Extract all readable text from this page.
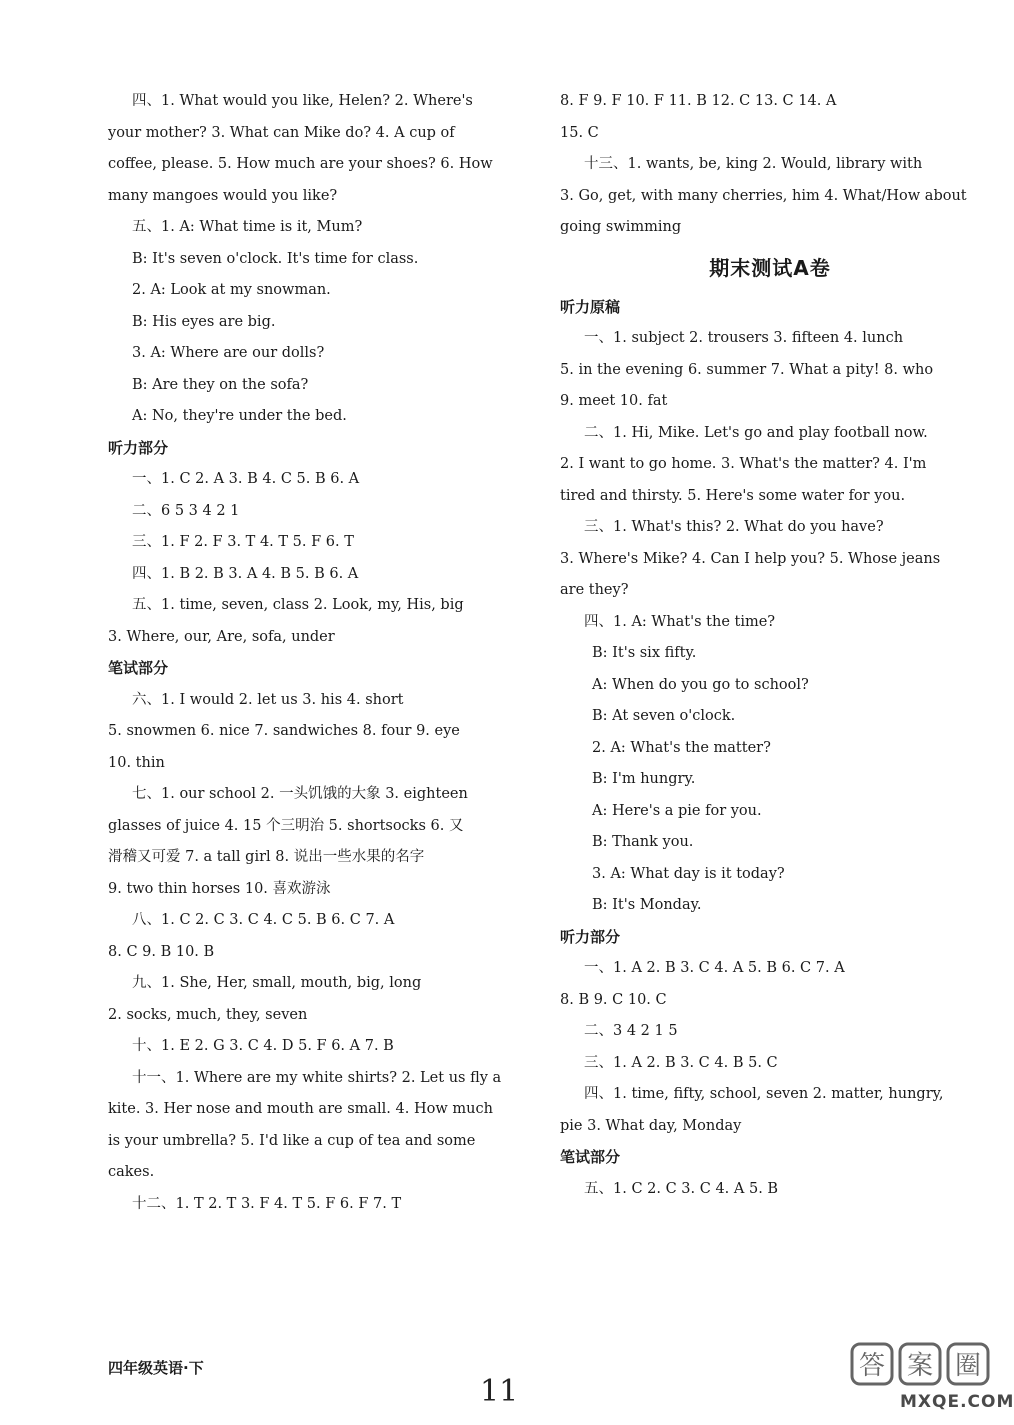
四、1. What would you like, Helen? 2. Where's
your mother? 3. What can Mike do? 4. A cup of
coffee, please. 5. How much are your shoes? 6. How
many mangoes would you like?
五、1. A: What time is it, Mum?
B: It's seven o'clock. It's time for class.
2. A: Look at my snowman.
B: His eyes are big.
3. A: Where are our dolls?
B: Are they on the sofa?
A: No, they're under the bed.
听力部分
一、1. C 2. A 3. B 4. C 5. B 6. A
二、6 5 3 4 2 1
三、1. F 2. F 3. T 4. T 5. F 6. T
四、1. B 2. B 3. A 4. B 5. B 6. A
五、1. time, seven, class 2. Look, my, His, big
3. Where, our, Are, sofa, under
笔试部分
六、1. I would 2. let us 3. his 4. short
5. snowmen 6. nice 7. sandwiches 8. four 9. eye
10. thin
七、1. our school 2. 一头饥饿的大象 3. eighteen
glasses of juice 4. 15 个三明治 5. shortsocks 6. 又
滑稽又可爱 7. a tall girl 8. 说出一些水果的名字
9. two thin horses 10. 喜欢游泳
八、1. C 2. C 3. C 4. C 5. B 6. C 7. A
8. C 9. B 10. B
九、1. She, Her, small, mouth, big, long
2. socks, much, they, seven
十、1. E 2. G 3. C 4. D 5. F 6. A 7. B
十一、1. Where are my white shirts? 2. Let us fly a
kite. 3. Her nose and mouth are small. 4. How much
is your umbrella? 5. I'd like a cup of tea and some
cakes.
十二、1. T 2. T 3. F 4. T 5. F 6. F 7. T
8. F 9. F 10. F 11. B 12. C 13. C 14. A
15. C
十三、1. wants, be, king 2. Would, library with
3. Go, get, with many cherries, him 4. What/How about
going swimming
期末测试A卷
听力原稿
一、1. subject 2. trousers 3. fifteen 4. lunch
5. in the evening 6. summer 7. What a pity! 8. who
9. meet 10. fat
二、1. Hi, Mike. Let's go and play football now.
2. I want to go home. 3. What's the matter? 4. I'm
tired and thirsty. 5. Here's some water for you.
三、1. What's this? 2. What do you have?
3. Where's Mike? 4. Can I help you? 5. Whose jeans
are they?
四、1. A: What's the time?
B: It's six fifty.
A: When do you go to school?
B: At seven o'clock.
2. A: What's the matter?
B: I'm hungry.
A: Here's a pie for you.
B: Thank you.
3. A: What day is it today?
B: It's Monday.
听力部分
一、1. A 2. B 3. C 4. A 5. B 6. C 7. A
8. B 9. C 10. C
二、3 4 2 1 5
三、1. A 2. B 3. C 4. B 5. C
四、1. time, fifty, school, seven 2. matter, hungry,
pie 3. What day, Monday
笔试部分
五、1. C 2. C 3. C 4. A 5. B
四年级英语·下
11
答 案 圈
MXQE.COM
